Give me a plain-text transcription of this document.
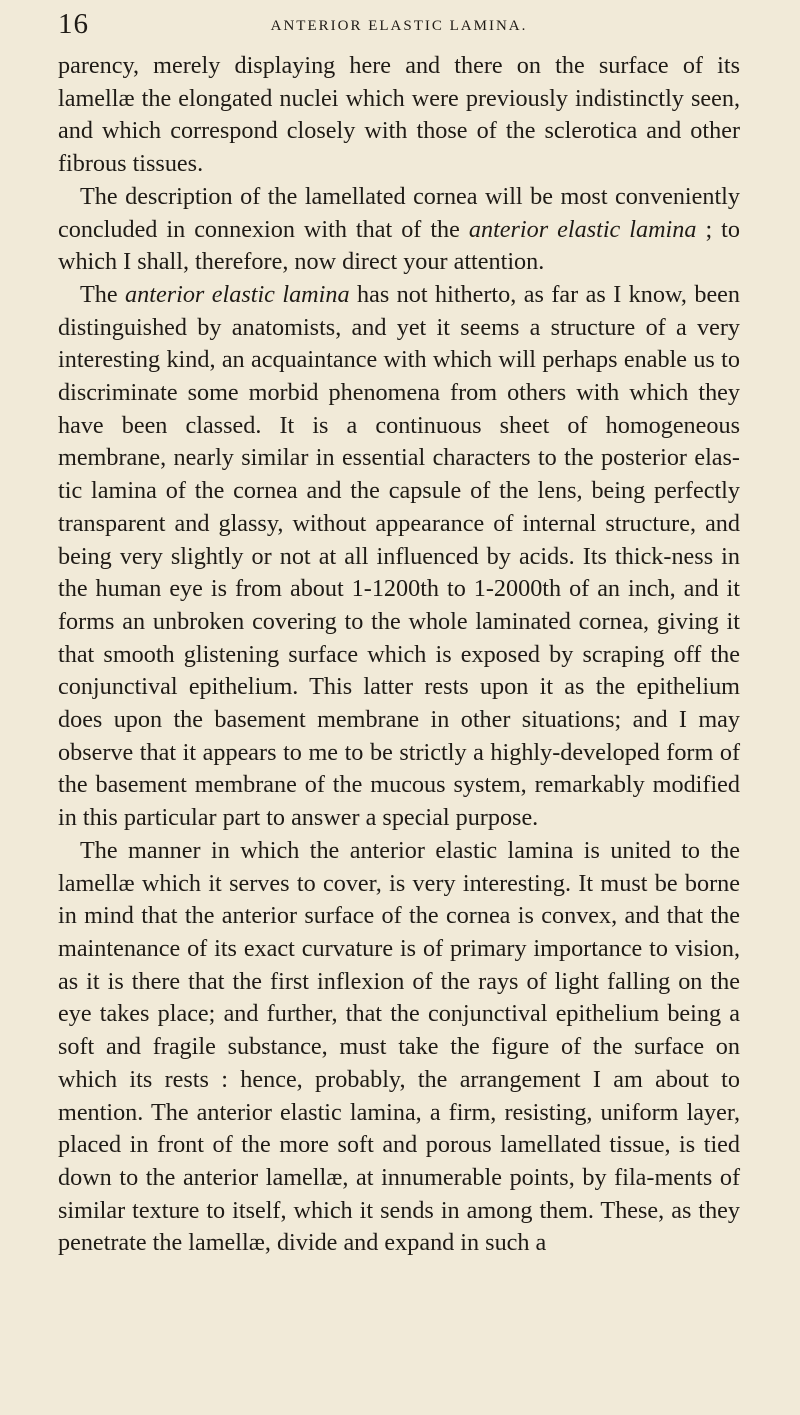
16	ANTERIOR ELASTIC LAMINA.

parency, merely displaying here and there on the surface of its lamellæ the elongated nuclei which were previously indistinctly seen, and which correspond closely with those of the sclerotica and other fibrous tissues.

The description of the lamellated cornea will be most conveniently concluded in connexion with that of the anterior elastic lamina ; to which I shall, therefore, now direct your attention.

The anterior elastic lamina has not hitherto, as far as I know, been distinguished by anatomists, and yet it seems a structure of a very interesting kind, an acquaintance with which will perhaps enable us to discriminate some morbid phenomena from others with which they have been classed. It is a continuous sheet of homogeneous membrane, nearly similar in essential characters to the posterior elas-tic lamina of the cornea and the capsule of the lens, being perfectly transparent and glassy, without appearance of internal structure, and being very slightly or not at all influenced by acids. Its thick-ness in the human eye is from about 1-1200th to 1-2000th of an inch, and it forms an unbroken covering to the whole laminated cornea, giving it that smooth glistening surface which is exposed by scraping off the conjunctival epithelium. This latter rests upon it as the epithelium does upon the basement membrane in other situations; and I may observe that it appears to me to be strictly a highly-developed form of the basement membrane of the mucous system, remarkably modified in this particular part to answer a special purpose.

The manner in which the anterior elastic lamina is united to the lamellæ which it serves to cover, is very interesting. It must be borne in mind that the anterior surface of the cornea is convex, and that the maintenance of its exact curvature is of primary importance to vision, as it is there that the first inflexion of the rays of light falling on the eye takes place; and further, that the conjunctival epithelium being a soft and fragile substance, must take the figure of the surface on which its rests : hence, probably, the arrangement I am about to mention. The anterior elastic lamina, a firm, resisting, uniform layer, placed in front of the more soft and porous lamellated tissue, is tied down to the anterior lamellæ, at innumerable points, by fila-ments of similar texture to itself, which it sends in among them. These, as they penetrate the lamellæ, divide and expand in such a
